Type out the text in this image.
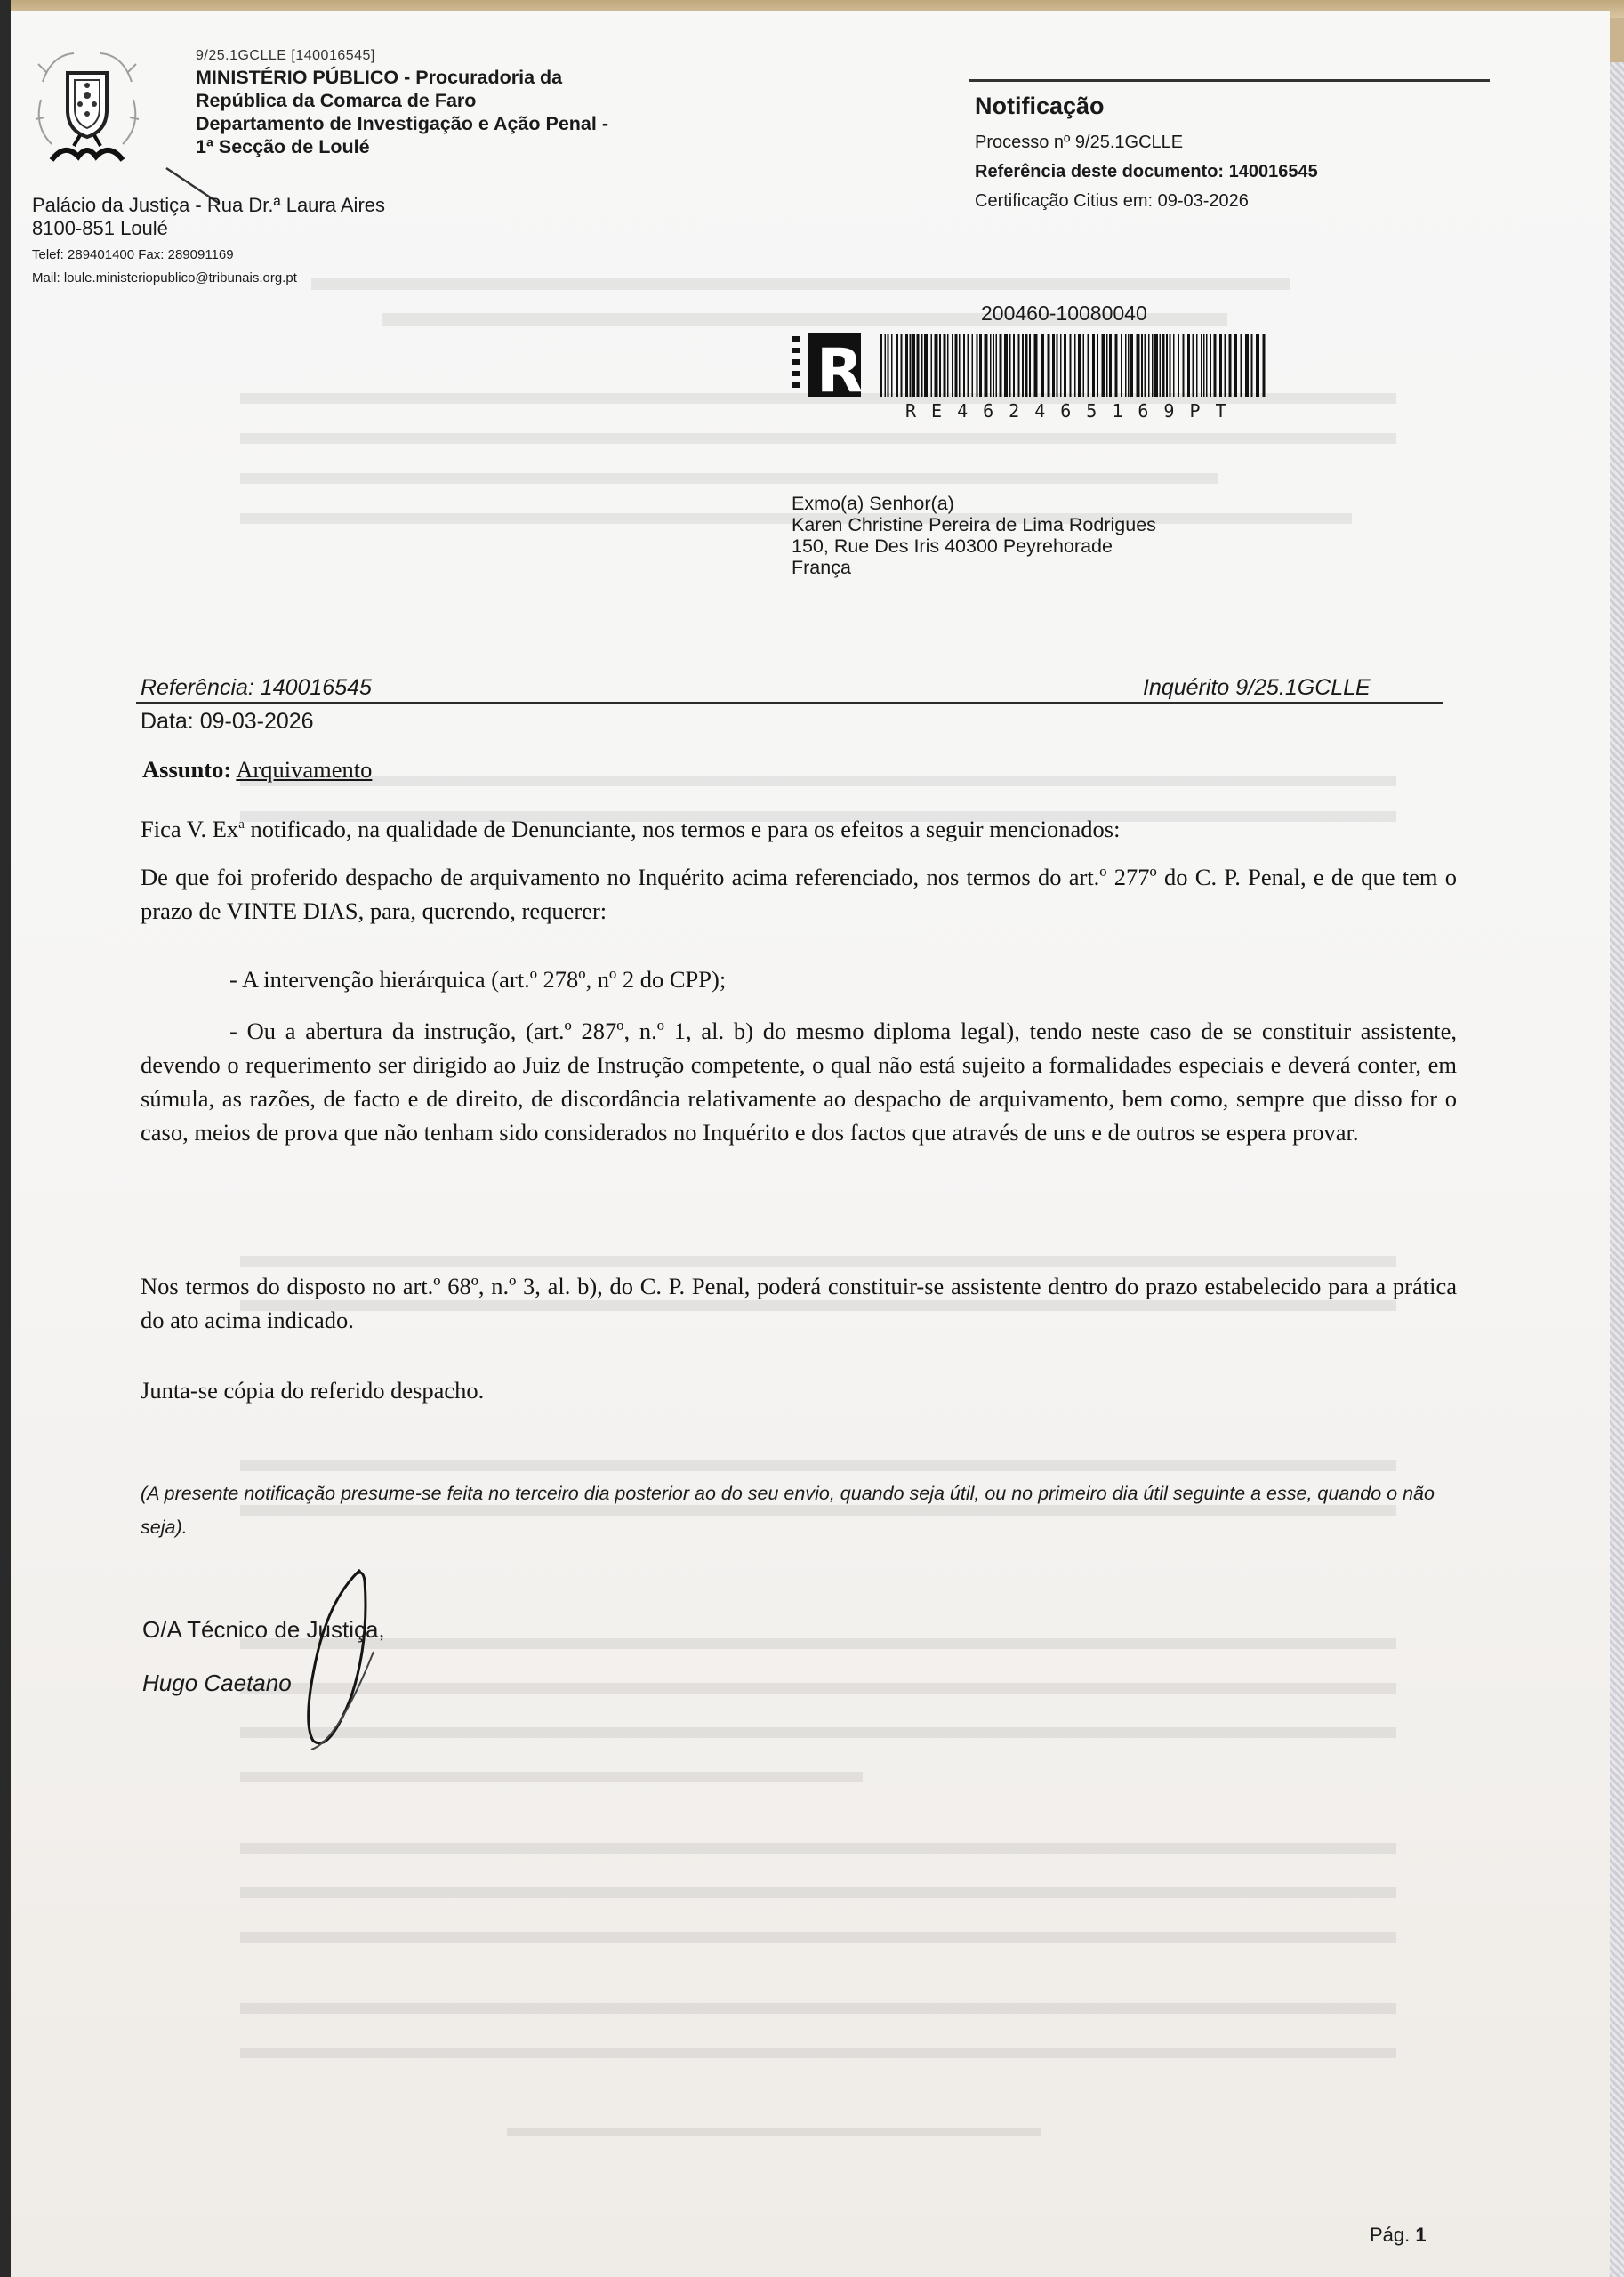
9/25.1GCLLE [140016545]
MINISTÉRIO PÚBLICO - Procuradoria da
República da Comarca de Faro
Departamento de Investigação e Ação Penal -
1ª Secção de Loulé
Palácio da Justiça - Rua Dr.ª Laura Aires
8100-851 Loulé
Telef: 289401400 Fax: 289091169
Mail: loule.ministeriopublico@tribunais.org.pt
Notificação
Processo nº 9/25.1GCLLE
Referência deste documento: 140016545
Certificação Citius em: 09-03-2026
200460-10080040
R
RE462465169PT
Exmo(a) Senhor(a)
Karen Christine Pereira de Lima Rodrigues
150, Rue Des Iris 40300 Peyrehorade
França
Referência: 140016545	Inquérito 9/25.1GCLLE
Data: 09-03-2026
Assunto: Arquivamento
Fica V. Ex$^a$ notificado, na qualidade de Denunciante, nos termos e para os efeitos a seguir mencionados:
De que foi proferido despacho de arquivamento no Inquérito acima referenciado, nos termos do art.º 277º do C. P. Penal, e de que tem o prazo de VINTE DIAS, para, querendo, requerer:
- A intervenção hierárquica (art.º 278º, nº 2 do CPP);
- Ou a abertura da instrução, (art.º 287º, n.º 1, al. b) do mesmo diploma legal), tendo neste caso de se constituir assistente, devendo o requerimento ser dirigido ao Juiz de Instrução competente, o qual não está sujeito a formalidades especiais e deverá conter, em súmula, as razões, de facto e de direito, de discordância relativamente ao despacho de arquivamento, bem como, sempre que disso for o caso, meios de prova que não tenham sido considerados no Inquérito e dos factos que através de uns e de outros se espera provar.
Nos termos do disposto no art.º 68º, n.º 3, al. b), do C. P. Penal, poderá constituir-se assistente dentro do prazo estabelecido para a prática do ato acima indicado.
Junta-se cópia do referido despacho.
(A presente notificação presume-se feita no terceiro dia posterior ao do seu envio, quando seja útil, ou no primeiro dia útil seguinte a esse, quando o não seja).
O/A Técnico de Justiça,
Hugo Caetano
Pág. 1
